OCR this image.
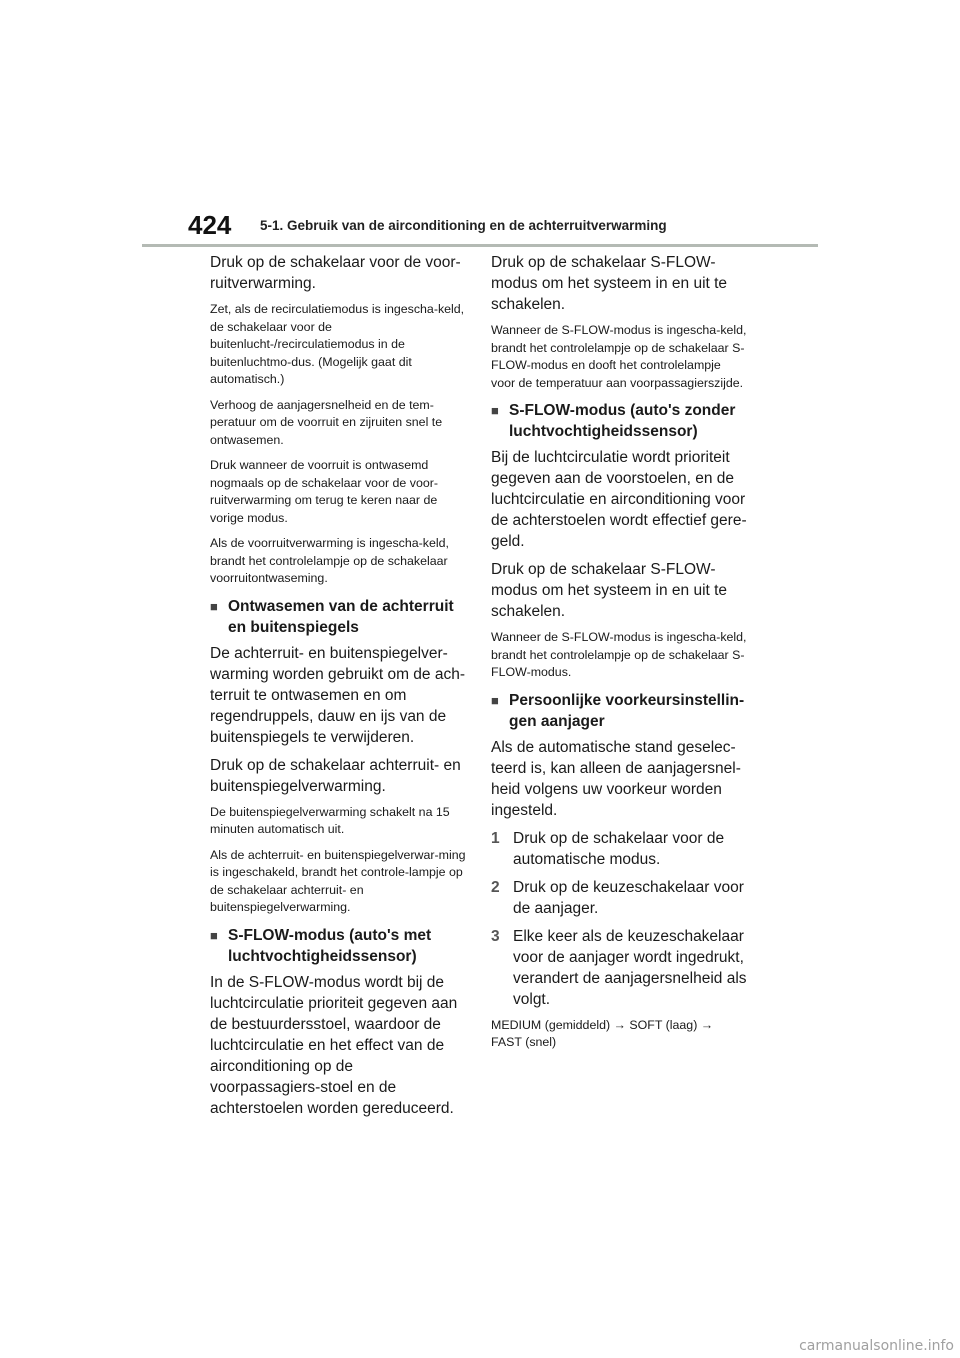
424 5-1. Gebruik van de airconditioning en de achterruitverwarming

Druk op de schakelaar voor de voor-ruitverwarming.

Zet, als de recirculatiemodus is ingescha-keld, de schakelaar voor de buitenlucht-/recirculatiemodus in de buitenluchtmo-dus. (Mogelijk gaat dit automatisch.)

Verhoog de aanjagersnelheid en de tem-peratuur om de voorruit en zijruiten snel te ontwasemen.

Druk wanneer de voorruit is ontwasemd nogmaals op de schakelaar voor de voor-ruitverwarming om terug te keren naar de vorige modus.

Als de voorruitverwarming is ingescha-keld, brandt het controlelampje op de schakelaar voorruitontwaseming.

■ Ontwasemen van de achterruit en buitenspiegels

De achterruit- en buitenspiegelver-warming worden gebruikt om de ach-terruit te ontwasemen en om regendruppels, dauw en ijs van de buitenspiegels te verwijderen.

Druk op de schakelaar achterruit- en buitenspiegelverwarming.

De buitenspiegelverwarming schakelt na 15 minuten automatisch uit.

Als de achterruit- en buitenspiegelverwar-ming is ingeschakeld, brandt het controle-lampje op de schakelaar achterruit- en buitenspiegelverwarming.

■ S-FLOW-modus (auto's met luchtvochtigheidssensor)

In de S-FLOW-modus wordt bij de luchtcirculatie prioriteit gegeven aan de bestuurdersstoel, waardoor de luchtcirculatie en het effect van de airconditioning op de voorpassagiers-stoel en de achterstoelen worden gereduceerd.

Druk op de schakelaar S-FLOW-modus om het systeem in en uit te schakelen.

Wanneer de S-FLOW-modus is ingescha-keld, brandt het controlelampje op de schakelaar S-FLOW-modus en dooft het controlelampje voor de temperatuur aan voorpassagierszijde.

■ S-FLOW-modus (auto's zonder luchtvochtigheidssensor)

Bij de luchtcirculatie wordt prioriteit gegeven aan de voorstoelen, en de luchtcirculatie en airconditioning voor de achterstoelen wordt effectief gere-geld.

Druk op de schakelaar S-FLOW-modus om het systeem in en uit te schakelen.

Wanneer de S-FLOW-modus is ingescha-keld, brandt het controlelampje op de schakelaar S-FLOW-modus.

■ Persoonlijke voorkeursinstellin-gen aanjager

Als de automatische stand geselec-teerd is, kan alleen de aanjagersnel-heid volgens uw voorkeur worden ingesteld.

1 Druk op de schakelaar voor de automatische modus.
2 Druk op de keuzeschakelaar voor de aanjager.
3 Elke keer als de keuzeschakelaar voor de aanjager wordt ingedrukt, verandert de aanjagersnelheid als volgt.

MEDIUM (gemiddeld) → SOFT (laag) → FAST (snel)

carmanualsonline.info
